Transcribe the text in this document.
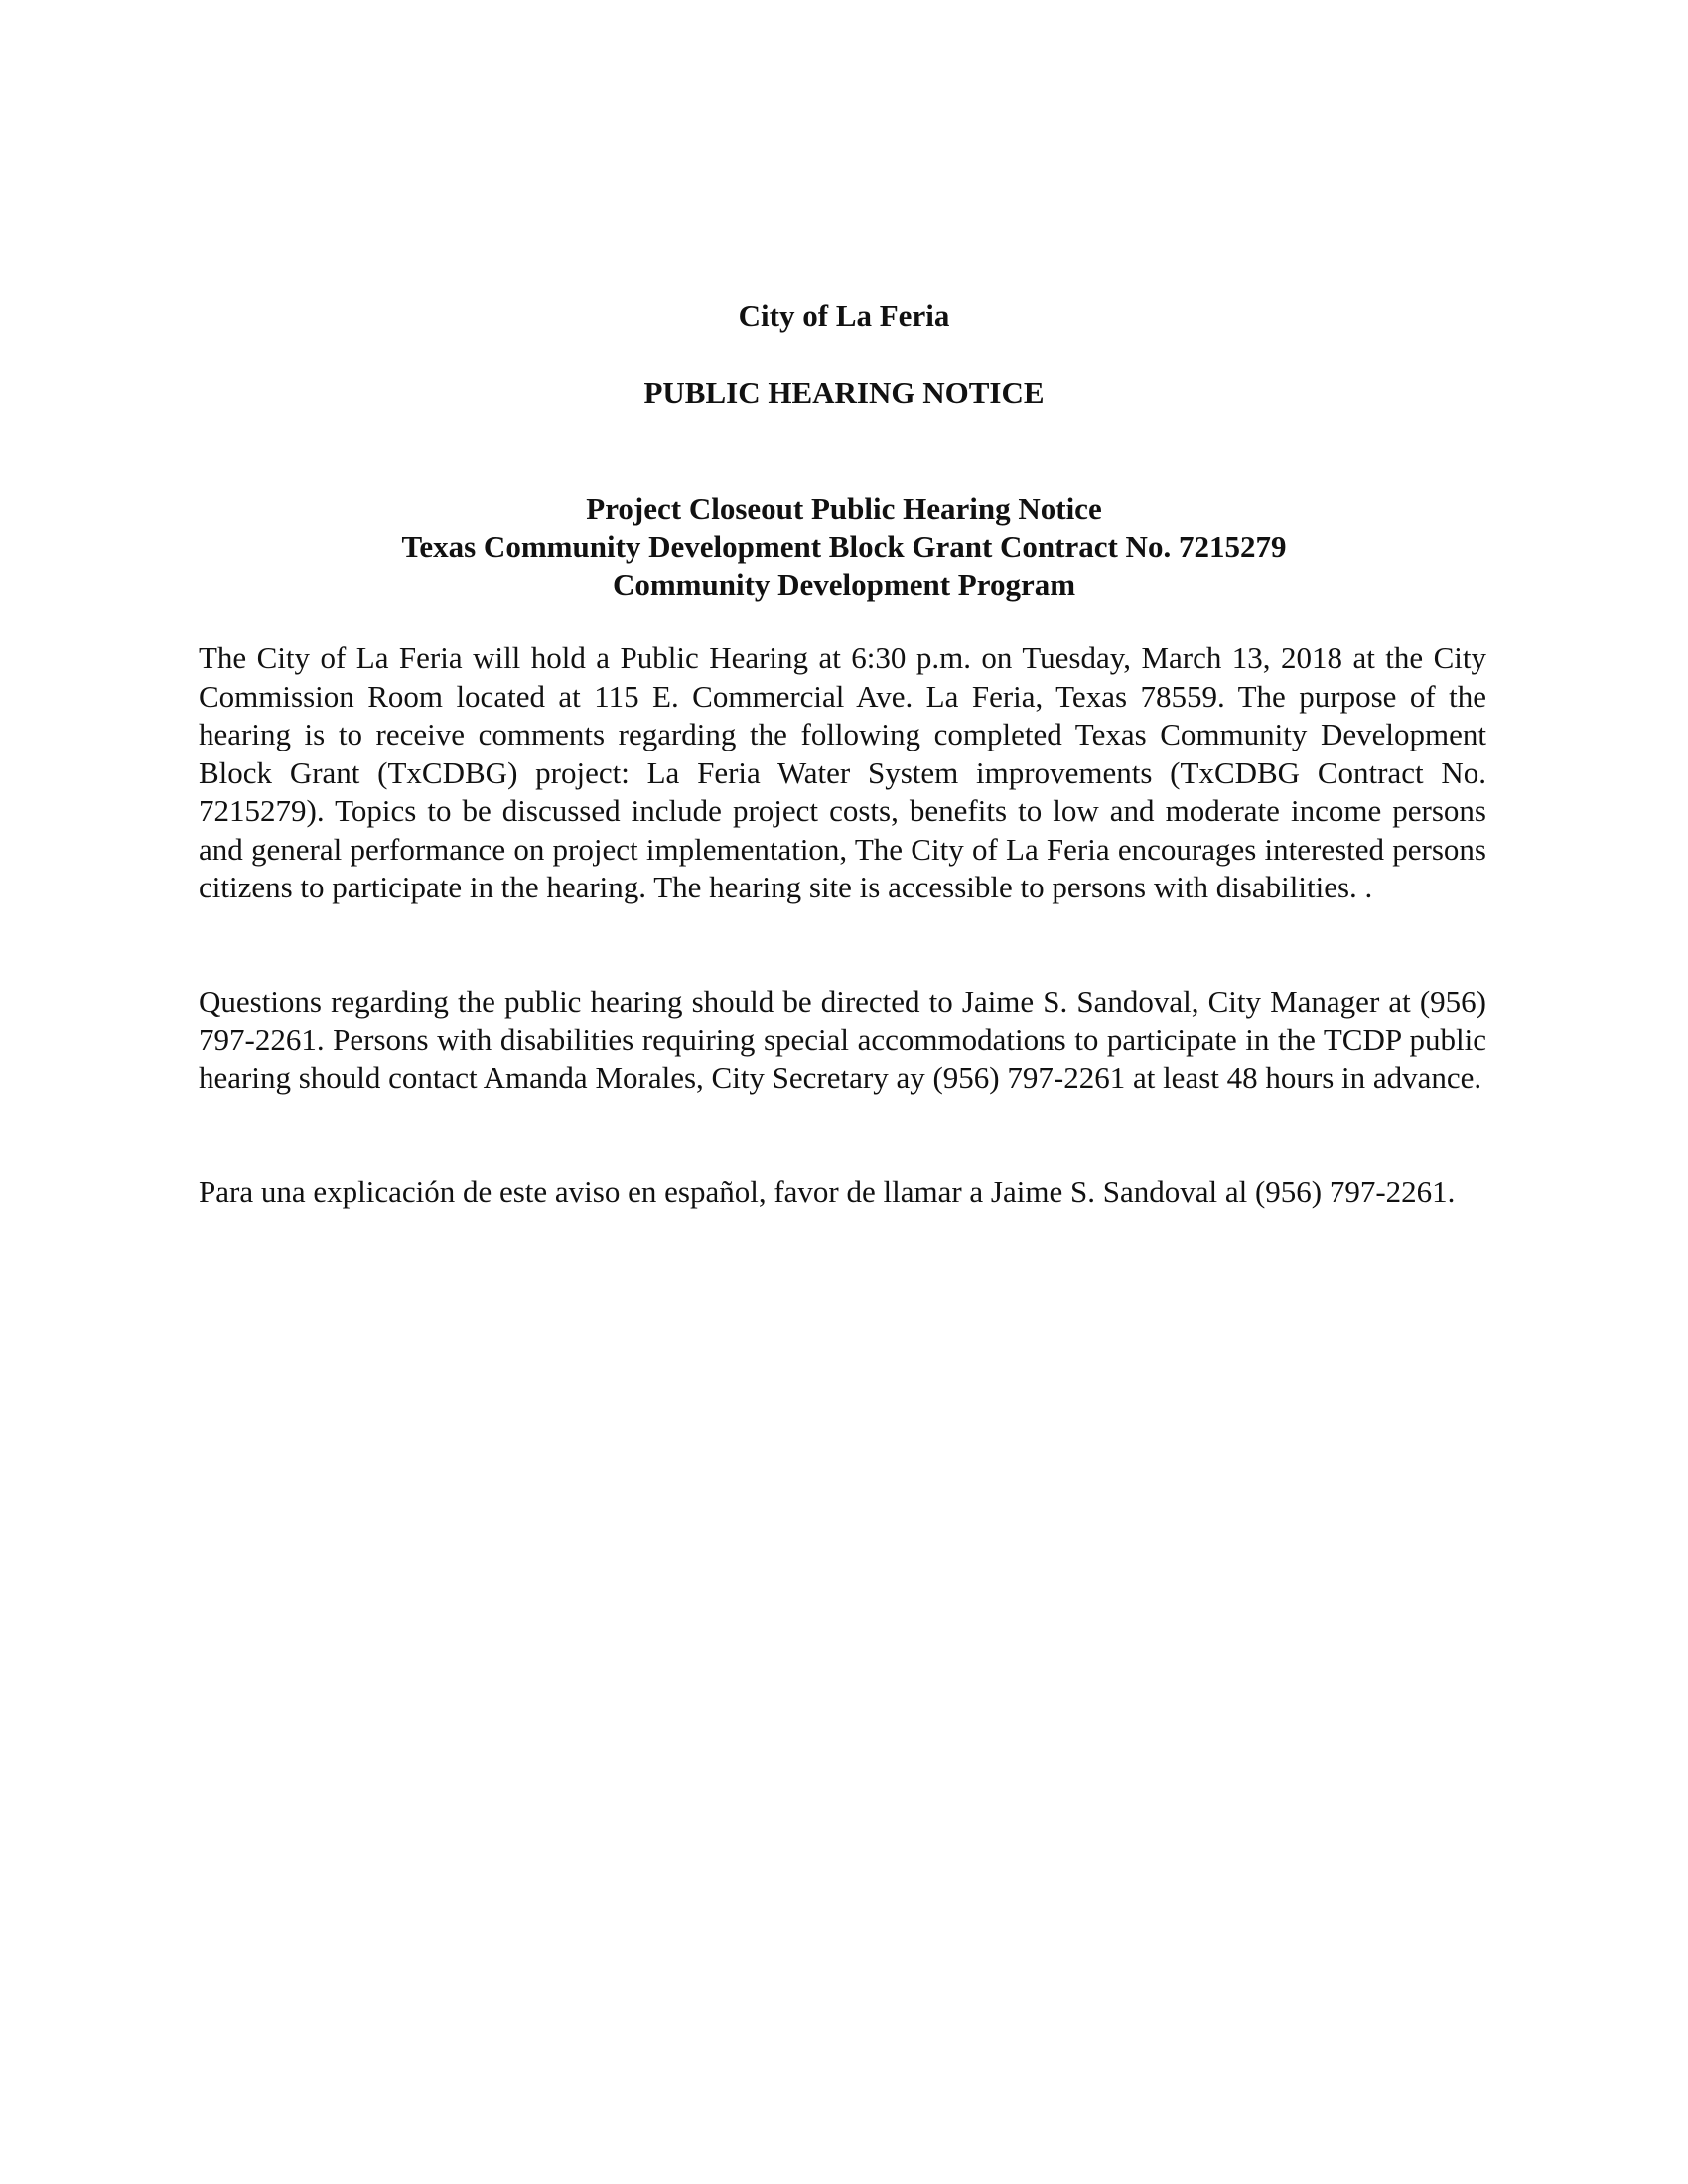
City of La Feria
PUBLIC HEARING NOTICE
Project Closeout Public Hearing Notice
Texas Community Development Block Grant Contract No. 7215279
Community Development Program

The City of La Feria will hold a Public Hearing at 6:30 p.m. on Tuesday, March 13, 2018 at the City Commission Room located at 115 E. Commercial Ave. La Feria, Texas 78559. The purpose of the hearing is to receive comments regarding the following completed Texas Community Development Block Grant (TxCDBG) project: La Feria Water System improvements (TxCDBG Contract No. 7215279). Topics to be discussed include project costs, benefits to low and moderate income persons and general performance on project implementation, The City of La Feria encourages interested persons citizens to participate in the hearing. The hearing site is accessible to persons with disabilities. .

Questions regarding the public hearing should be directed to Jaime S. Sandoval, City Manager at (956) 797-2261. Persons with disabilities requiring special accommodations to participate in the TCDP public hearing should contact Amanda Morales, City Secretary ay (956) 797-2261 at least 48 hours in advance.

Para una explicación de este aviso en español, favor de llamar a Jaime S. Sandoval al (956) 797-2261.
